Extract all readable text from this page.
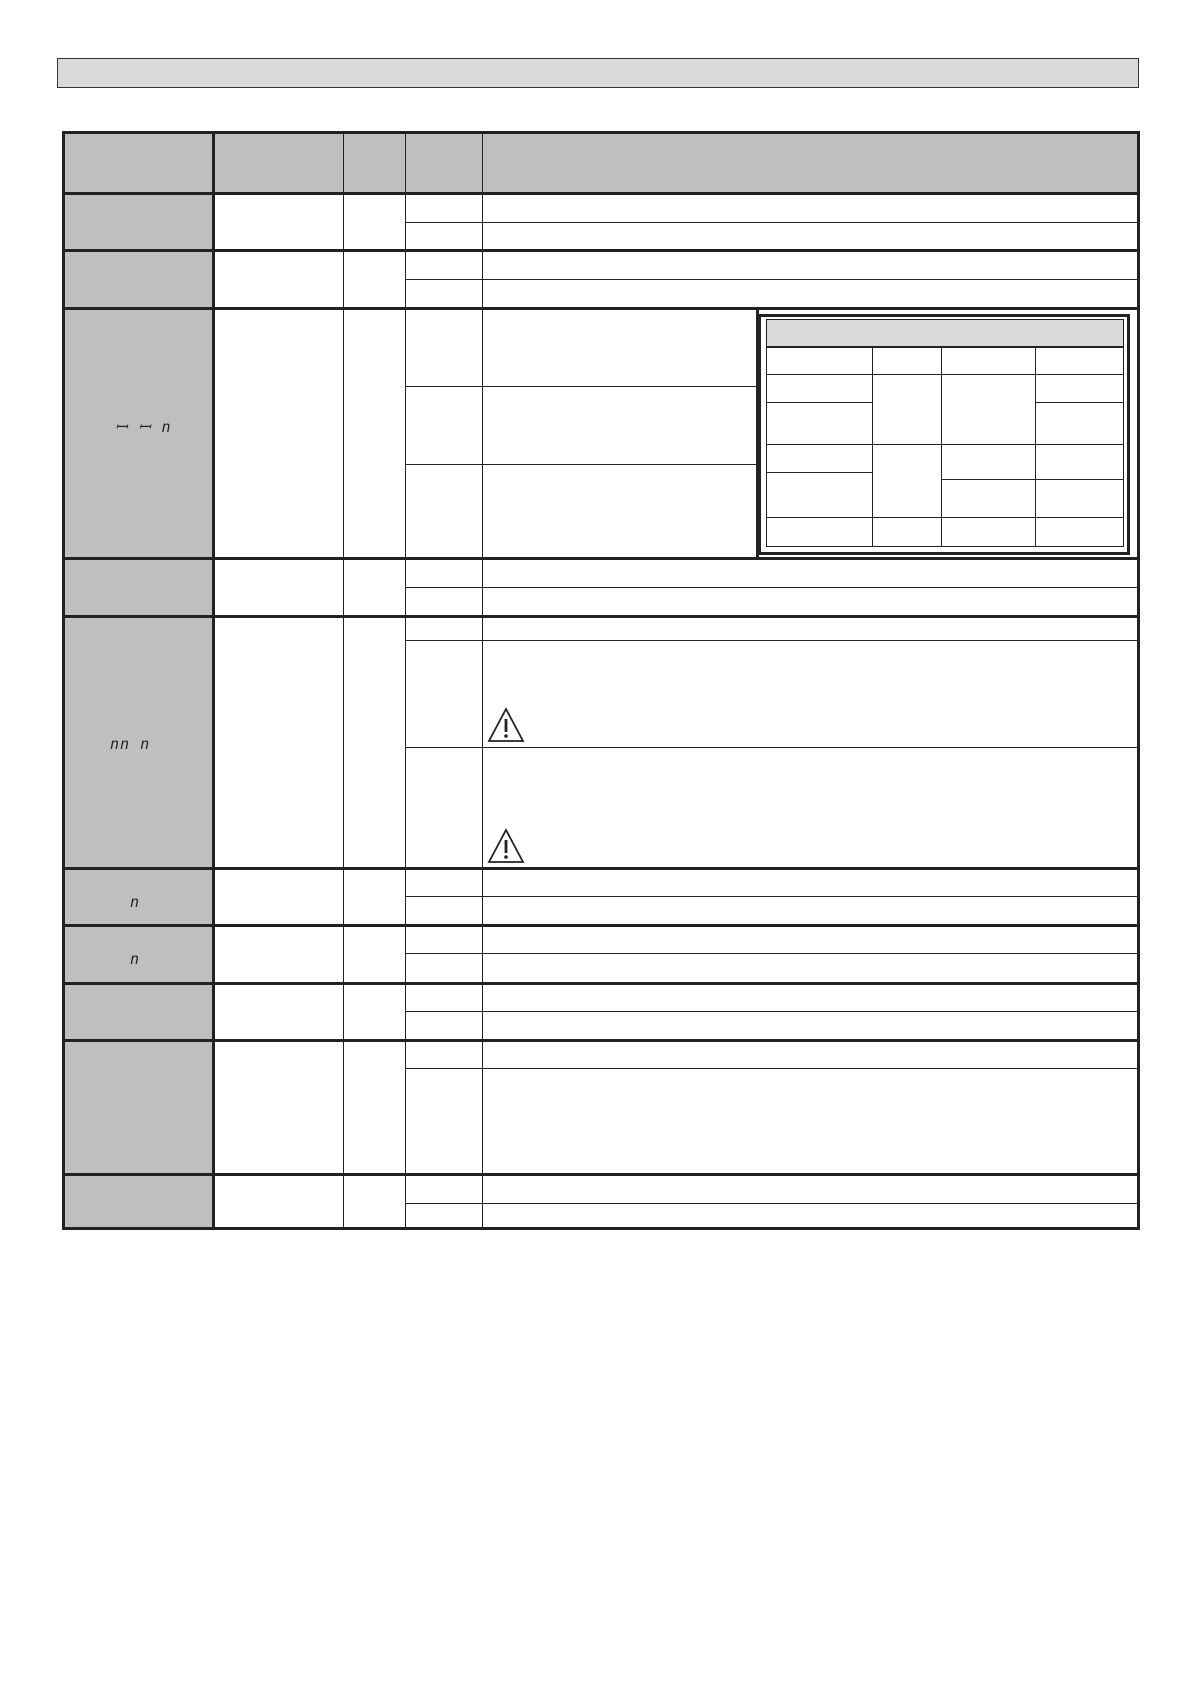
ꟷ ꟷ n
nn n
n
n
